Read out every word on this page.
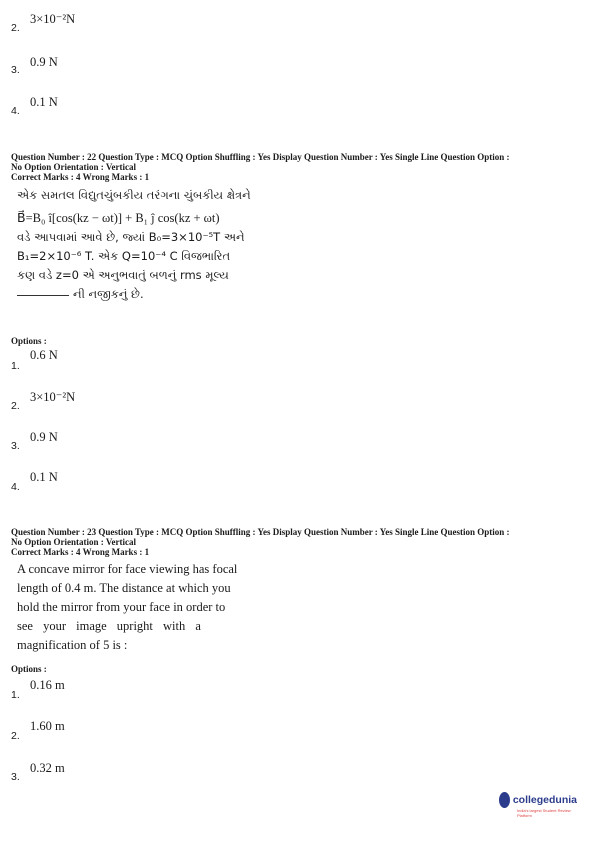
2.
3×10⁻²N
3.
0.9 N
4.
0.1 N
Question Number : 22 Question Type : MCQ Option Shuffling : Yes Display Question Number : Yes Single Line Question Option :
No Option Orientation : Vertical
Correct Marks : 4 Wrong Marks : 1
એક સમતલ વિદ્યુતચુંબકીય તરંગના ચુંબકીય ક્ષેત્રને
B⃗=B₀ î[cos(kz − ωt)] + B₁ ĵ cos(kz + ωt)
વડે આપવામાં આવે છે, જ્યાં B₀=3×10⁻⁵T અને
B₁=2×10⁻⁶ T. એક Q=10⁻⁴ C વિજભારિત
કણ વડે z=0 એ અનુભવાતું બળનું rms મૂલ્ય
ની નજીકનું છે.
Options :
1.
0.6 N
2.
3×10⁻²N
3.
0.9 N
4.
0.1 N
Question Number : 23 Question Type : MCQ Option Shuffling : Yes Display Question Number : Yes Single Line Question Option :
No Option Orientation : Vertical
Correct Marks : 4 Wrong Marks : 1
A concave mirror for face viewing has focal
length of 0.4 m. The distance at which you
hold the mirror from your face in order to
see your image upright with a
magnification of 5 is :
Options :
1.
0.16 m
2.
1.60 m
3.
0.32 m
collegedunia
India's largest Student Review Platform
